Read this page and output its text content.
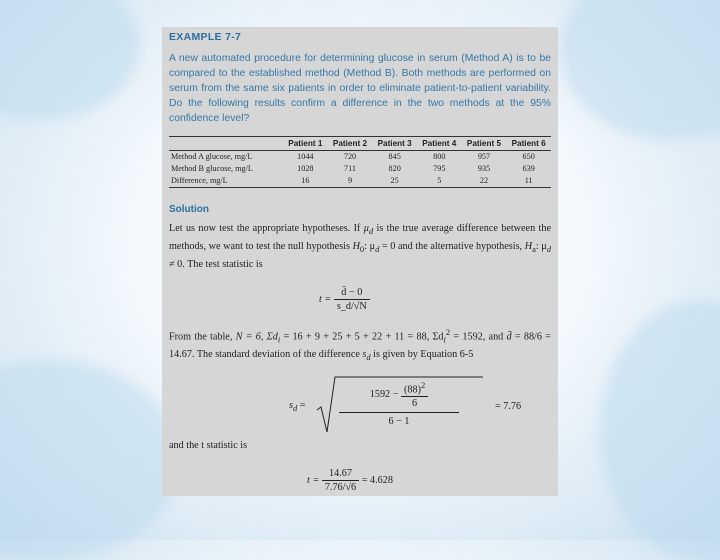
EXAMPLE 7-7

A new automated procedure for determining glucose in serum (Method A) is to be compared to the established method (Method B). Both methods are performed on serum from the same six patients in order to eliminate patient-to-patient variability. Do the following results confirm a difference in the two methods at the 95% confidence level?

	Patient 1	Patient 2	Patient 3	Patient 4	Patient 5	Patient 6
Method A glucose, mg/L	1044	720	845	800	957	650
Method B glucose, mg/L	1028	711	820	795	935	639
Difference, mg/L	16	9	25	5	22	11
Solution

Let us now test the appropriate hypotheses. If $\mu_d$ is the true average difference between the methods, we want to test the null hypothesis $H_0$: $\mu_d = 0$ and the alternative hypothesis, $H_a$: $\mu_d \ne 0$. The test statistic is

$t = \frac{d̄ - 0}{s\_d/√N}$

From the table, N = 6, $\Sigma d_i = 16 + 9 + 25 + 5 + 22 + 11 = 88$, $\Sigma d_i^2 = 1592$, and d̄ = 88/6 = 14.67. The standard deviation of the difference $s_d$ is given by Equation 6-5

$s_d$ =
$1592 - \frac{(88)^2}{6}$
6 − 1
= 7.76

and the t statistic is

$t = \frac{14.67}{7.76/√6} = 4.628$
